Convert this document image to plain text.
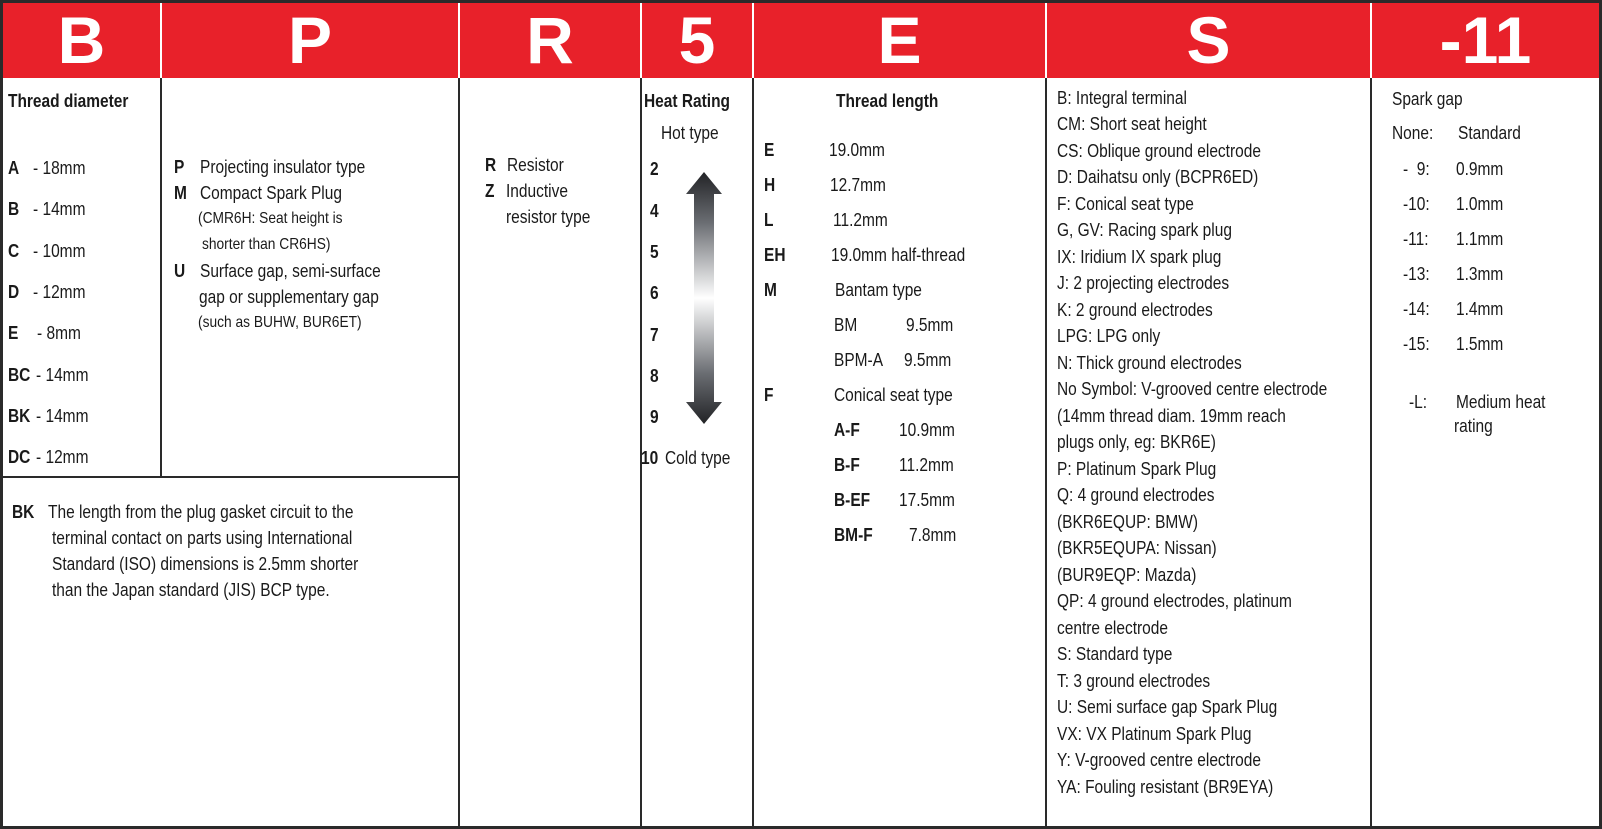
B	P	R	5	E	S	-11
Thread diameter
A - 18mm
B - 14mm
C - 10mm
D - 12mm
E - 8mm
BC - 14mm
BK - 14mm
DC - 12mm
BK The length from the plug gasket circuit to the
terminal contact on parts using International
Standard (ISO) dimensions is 2.5mm shorter
than the Japan standard (JIS) BCP type.
P Projecting insulator type
M Compact Spark Plug
(CMR6H: Seat height is
shorter than CR6HS)
U Surface gap, semi-surface
gap or supplementary gap
(such as BUHW, BUR6ET)
R Resistor
Z Inductive
resistor type
Heat Rating
Hot type
2
4
5
6
7
8
9
10 Cold type
Thread length
E	19.0mm
H	12.7mm
L	11.2mm
EH	19.0mm half-thread
M	Bantam type
BM	9.5mm
BPM-A 9.5mm
F	Conical seat type
A-F 10.9mm
B-F 11.2mm
B-EF 17.5mm
BM-F 7.8mm
B: Integral terminal
CM: Short seat height
CS: Oblique ground electrode
D: Daihatsu only (BCPR6ED)
F: Conical seat type
G, GV: Racing spark plug
IX: Iridium IX spark plug
J: 2 projecting electrodes
K: 2 ground electrodes
LPG: LPG only
N: Thick ground electrodes
No Symbol: V-grooved centre electrode
(14mm thread diam. 19mm reach
plugs only, eg: BKR6E)
P: Platinum Spark Plug
Q: 4 ground electrodes
(BKR6EQUP: BMW)
(BKR5EQUPA: Nissan)
(BUR9EQP: Mazda)
QP: 4 ground electrodes, platinum
centre electrode
S: Standard type
T: 3 ground electrodes
U: Semi surface gap Spark Plug
VX: VX Platinum Spark Plug
Y: V-grooved centre electrode
YA: Fouling resistant (BR9EYA)
Spark gap
None: Standard
-  9: 0.9mm
-10: 1.0mm
-11: 1.1mm
-13: 1.3mm
-14: 1.4mm
-15: 1.5mm
-L: Medium heat
rating
